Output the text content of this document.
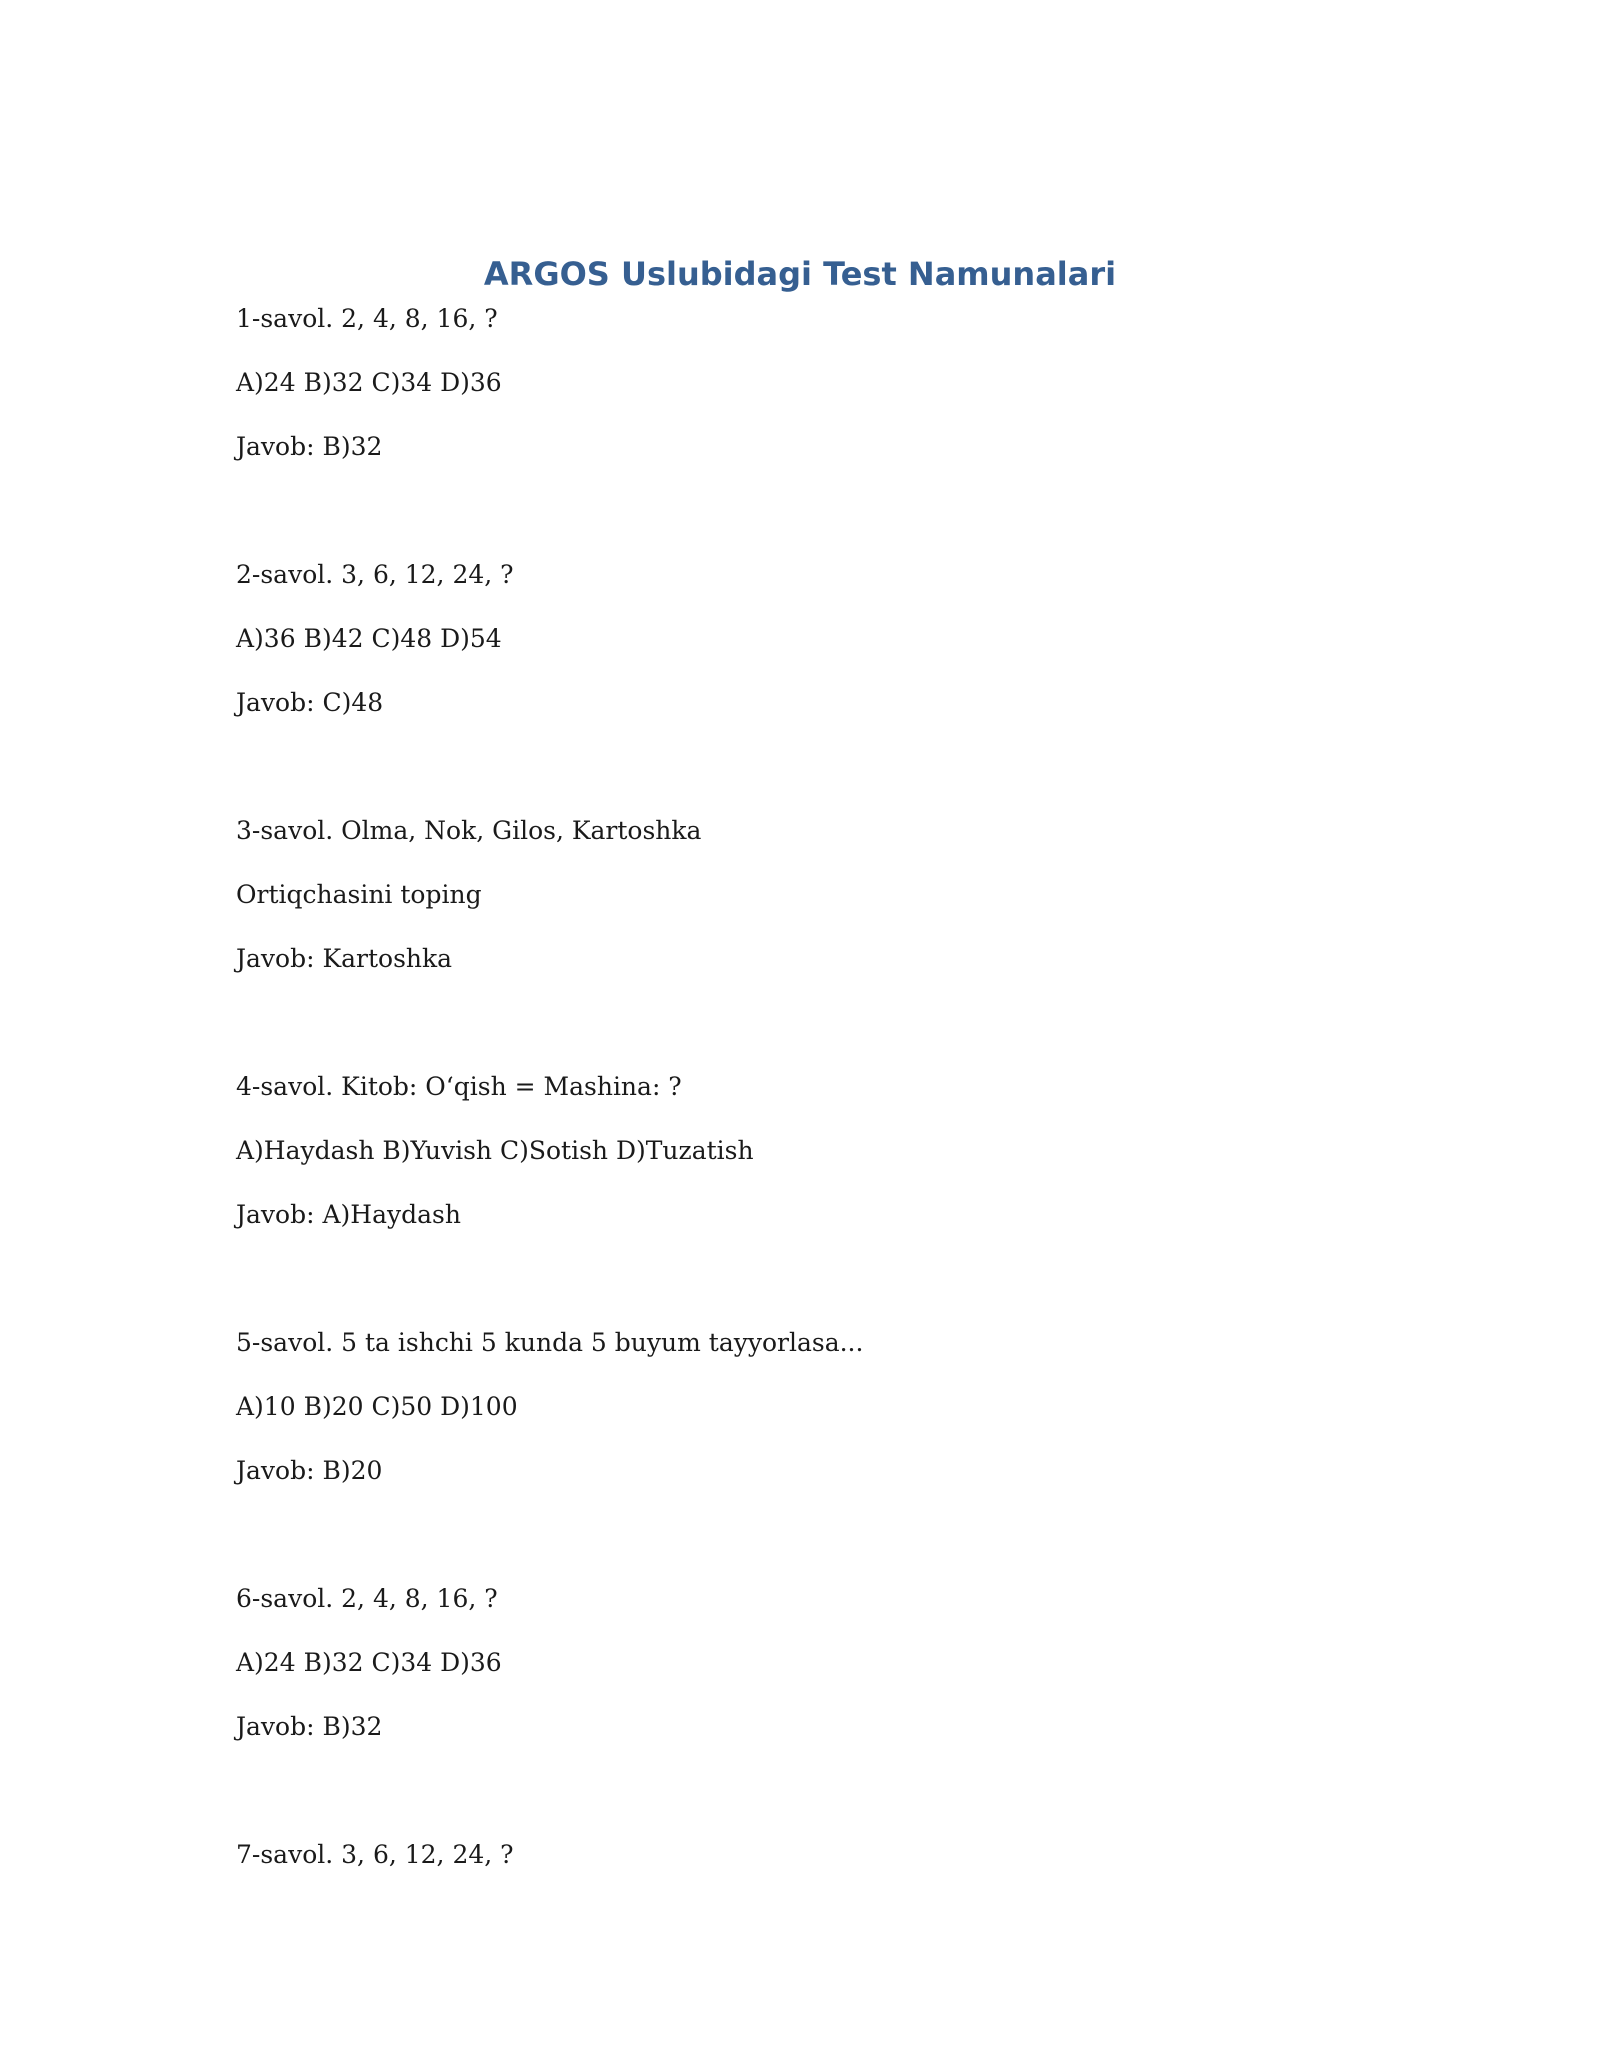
ARGOS Uslubidagi Test Namunalari

1-savol. 2, 4, 8, 16, ?

A)24 B)32 C)34 D)36

Javob: B)32

2-savol. 3, 6, 12, 24, ?

A)36 B)42 C)48 D)54

Javob: C)48

3-savol. Olma, Nok, Gilos, Kartoshka

Ortiqchasini toping

Javob: Kartoshka

4-savol. Kitob: O‘qish = Mashina: ?

A)Haydash B)Yuvish C)Sotish D)Tuzatish

Javob: A)Haydash

5-savol. 5 ta ishchi 5 kunda 5 buyum tayyorlasa...

A)10 B)20 C)50 D)100

Javob: B)20

6-savol. 2, 4, 8, 16, ?

A)24 B)32 C)34 D)36

Javob: B)32

7-savol. 3, 6, 12, 24, ?
